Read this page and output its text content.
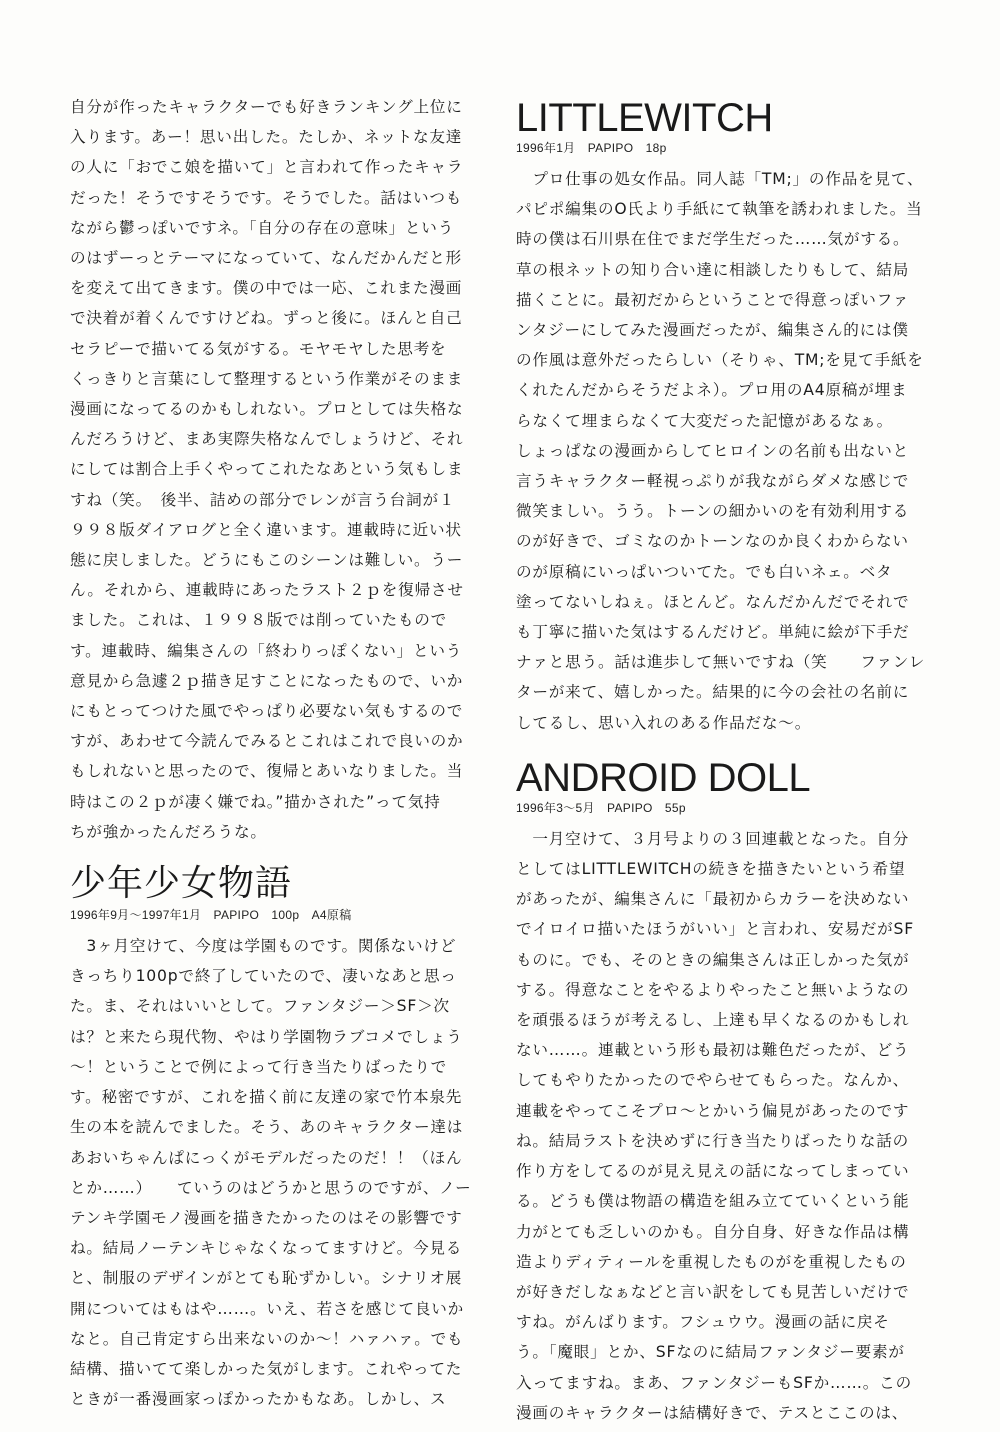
自分が作ったキャラクターでも好きランキング上位に

入ります。あー！思い出した。たしか、ネットな友達

の人に「おでこ娘を描いて」と言われて作ったキャラ

だった！そうですそうです。そうでした。話はいつも

ながら鬱っぽいですネ。「自分の存在の意味」という

のはずーっとテーマになっていて、なんだかんだと形

を変えて出てきます。僕の中では一応、これまた漫画

で決着が着くんですけどね。ずっと後に。ほんと自己

セラピーで描いてる気がする。モヤモヤした思考を

くっきりと言葉にして整理するという作業がそのまま

漫画になってるのかもしれない。プロとしては失格な

んだろうけど、まあ実際失格なんでしょうけど、それ

にしては割合上手くやってこれたなあという気もしま

すね（笑。　後半、詰めの部分でレンが言う台詞が１

９９８版ダイアログと全く違います。連載時に近い状

態に戻しました。どうにもこのシーンは難しい。うー

ん。それから、連載時にあったラスト２ｐを復帰させ

ました。これは、１９９８版では削っていたもので

す。連載時、編集さんの「終わりっぽくない」という

意見から急遽２ｐ描き足すことになったもので、いか

にもとってつけた風でやっぱり必要ない気もするので

すが、あわせて今読んでみるとこれはこれで良いのか

もしれないと思ったので、復帰とあいなりました。当

時はこの２ｐが凄く嫌でね。”描かされた”って気持

ちが強かったんだろうな。

少年少女物語

1996年9月～1997年1月　PAPIPO　100p　A4原稿

　3ヶ月空けて、今度は学園ものです。関係ないけど

きっちり100pで終了していたので、凄いなあと思っ

た。ま、それはいいとして。ファンタジー＞SF＞次

は？と来たら現代物、やはり学園物ラブコメでしょう

～！ということで例によって行き当たりばったりで

す。秘密ですが、これを描く前に友達の家で竹本泉先

生の本を読んでました。そう、あのキャラクター達は

あおいちゃんぱにっくがモデルだったのだ！！（ほん

とか……）　　ていうのはどうかと思うのですが、ノー

テンキ学園モノ漫画を描きたかったのはその影響です

ね。結局ノーテンキじゃなくなってますけど。今見る

と、制服のデザインがとても恥ずかしい。シナリオ展

開についてはもはや……。いえ、若さを感じて良いか

なと。自己肯定すら出来ないのか～！ハァハァ。でも

結構、描いてて楽しかった気がします。これやってた

ときが一番漫画家っぽかったかもなあ。しかし、ス

LITTLEWITCH

1996年1月　PAPIPO　18p

　プロ仕事の処女作品。同人誌「TM;」の作品を見て、

パピポ編集のO氏より手紙にて執筆を誘われました。当

時の僕は石川県在住でまだ学生だった……気がする。

草の根ネットの知り合い達に相談したりもして、結局

描くことに。最初だからということで得意っぽいファ

ンタジーにしてみた漫画だったが、編集さん的には僕

の作風は意外だったらしい（そりゃ、TM;を見て手紙を

くれたんだからそうだよネ）。プロ用のA4原稿が埋ま

らなくて埋まらなくて大変だった記憶があるなぁ。

しょっぱなの漫画からしてヒロインの名前も出ないと

言うキャラクター軽視っぷりが我ながらダメな感じで

微笑ましい。うう。トーンの細かいのを有効利用する

のが好きで、ゴミなのかトーンなのか良くわからない

のが原稿にいっぱいついてた。でも白いネェ。ベタ

塗ってないしねぇ。ほとんど。なんだかんだでそれで

も丁寧に描いた気はするんだけど。単純に絵が下手だ

ナァと思う。話は進歩して無いですね（笑　　ファンレ

ターが来て、嬉しかった。結果的に今の会社の名前に

してるし、思い入れのある作品だな～。

ANDROID DOLL

1996年3～5月　PAPIPO　55p

　一月空けて、３月号よりの３回連載となった。自分

としてはLITTLEWITCHの続きを描きたいという希望

があったが、編集さんに「最初からカラーを決めない

でイロイロ描いたほうがいい」と言われ、安易だがSF

ものに。でも、そのときの編集さんは正しかった気が

する。得意なことをやるよりやったこと無いようなの

を頑張るほうが考えるし、上達も早くなるのかもしれ

ない……。連載という形も最初は難色だったが、どう

してもやりたかったのでやらせてもらった。なんか、

連載をやってこそプロ～とかいう偏見があったのです

ね。結局ラストを決めずに行き当たりばったりな話の

作り方をしてるのが見え見えの話になってしまってい

る。どうも僕は物語の構造を組み立てていくという能

力がとても乏しいのかも。自分自身、好きな作品は構

造よりディティールを重視したものがを重視したもの

が好きだしなぁなどと言い訳をしても見苦しいだけで

すね。がんばります。フシュウウ。漫画の話に戻そ

う。「魔眼」とか、SFなのに結局ファンタジー要素が

入ってますね。まあ、ファンタジーもSFか……。この

漫画のキャラクターは結構好きで、テスとここのは、
